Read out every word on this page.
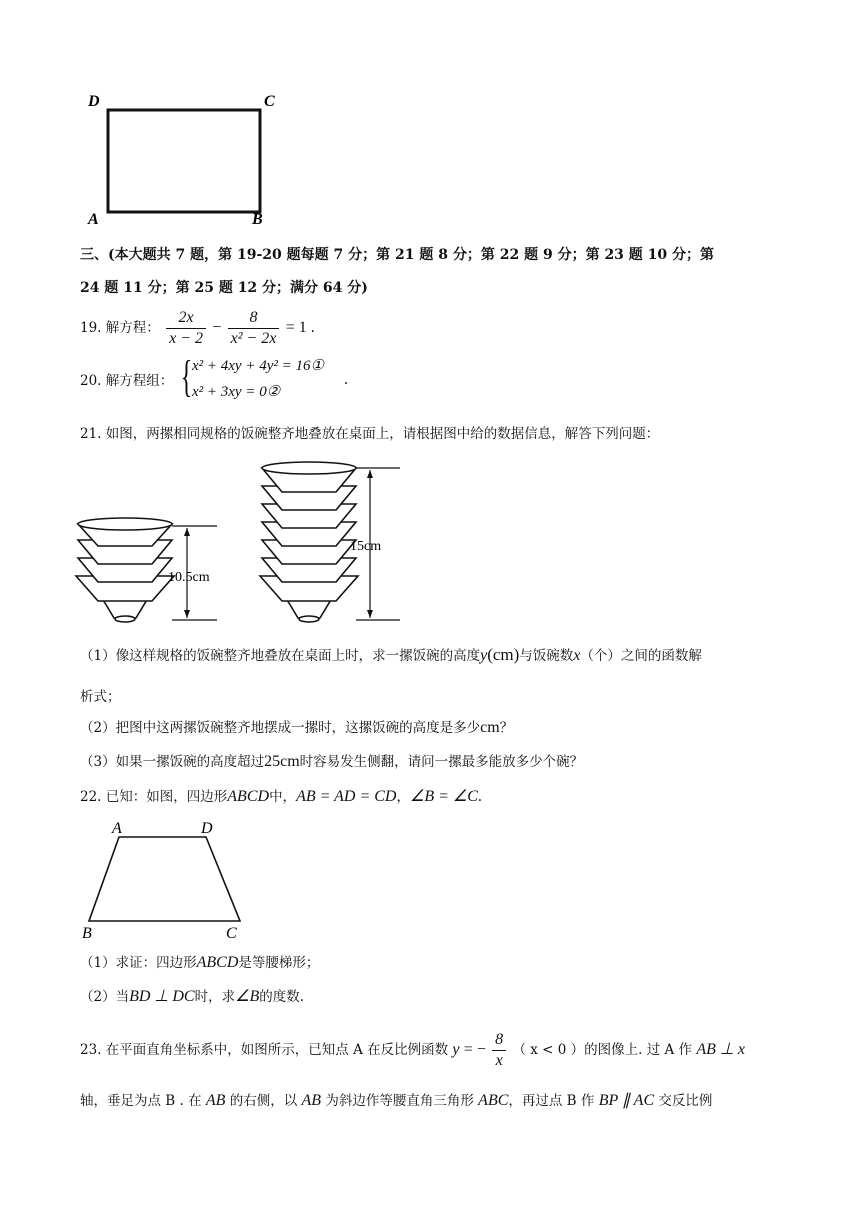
D	C
A	B
三、(本大题共 7 题，第 19-20 题每题 7 分；第 21 题 8 分；第 22 题 9 分；第 23 题 10 分；第
24 题 11 分；第 25 题 12 分；满分 64 分)
19. 解方程： $\frac{2x}{x - 2} - \frac{8}{\text{x² − 2x}} = 1$ .
20. 解方程组： { x² + 4xy + 4y² = 16①
x² + 3xy = 0②
.
21. 如图，两摞相同规格的饭碗整齐地叠放在桌面上，请根据图中给的数据信息，解答下列问题：
10.5cm
15cm
（1）像这样规格的饭碗整齐地叠放在桌面上时，求一摞饭碗的高度y(cm)与饭碗数x（个）之间的函数解
析式；
（2）把图中这两摞饭碗整齐地摆成一摞时，这摞饭碗的高度是多少cm？
（3）如果一摞饭碗的高度超过25cm时容易发生侧翻，请问一摞最多能放多少个碗？
22. 已知：如图，四边形ABCD中，AB = AD = CD，∠B = ∠C.
A	D
B	C
（1）求证：四边形ABCD是等腰梯形；
（2）当BD ⊥ DC时，求∠B的度数.
23. 在平面直角坐标系中，如图所示，已知点 A 在反比例函数 y = − $\frac{8}{x}$ （ x < 0 ）的图像上. 过 A 作 AB ⊥ x
轴，垂足为点 B . 在 AB 的右侧，以 AB 为斜边作等腰直角三角形 ABC，再过点 B 作 BP ∥ AC 交反比例
